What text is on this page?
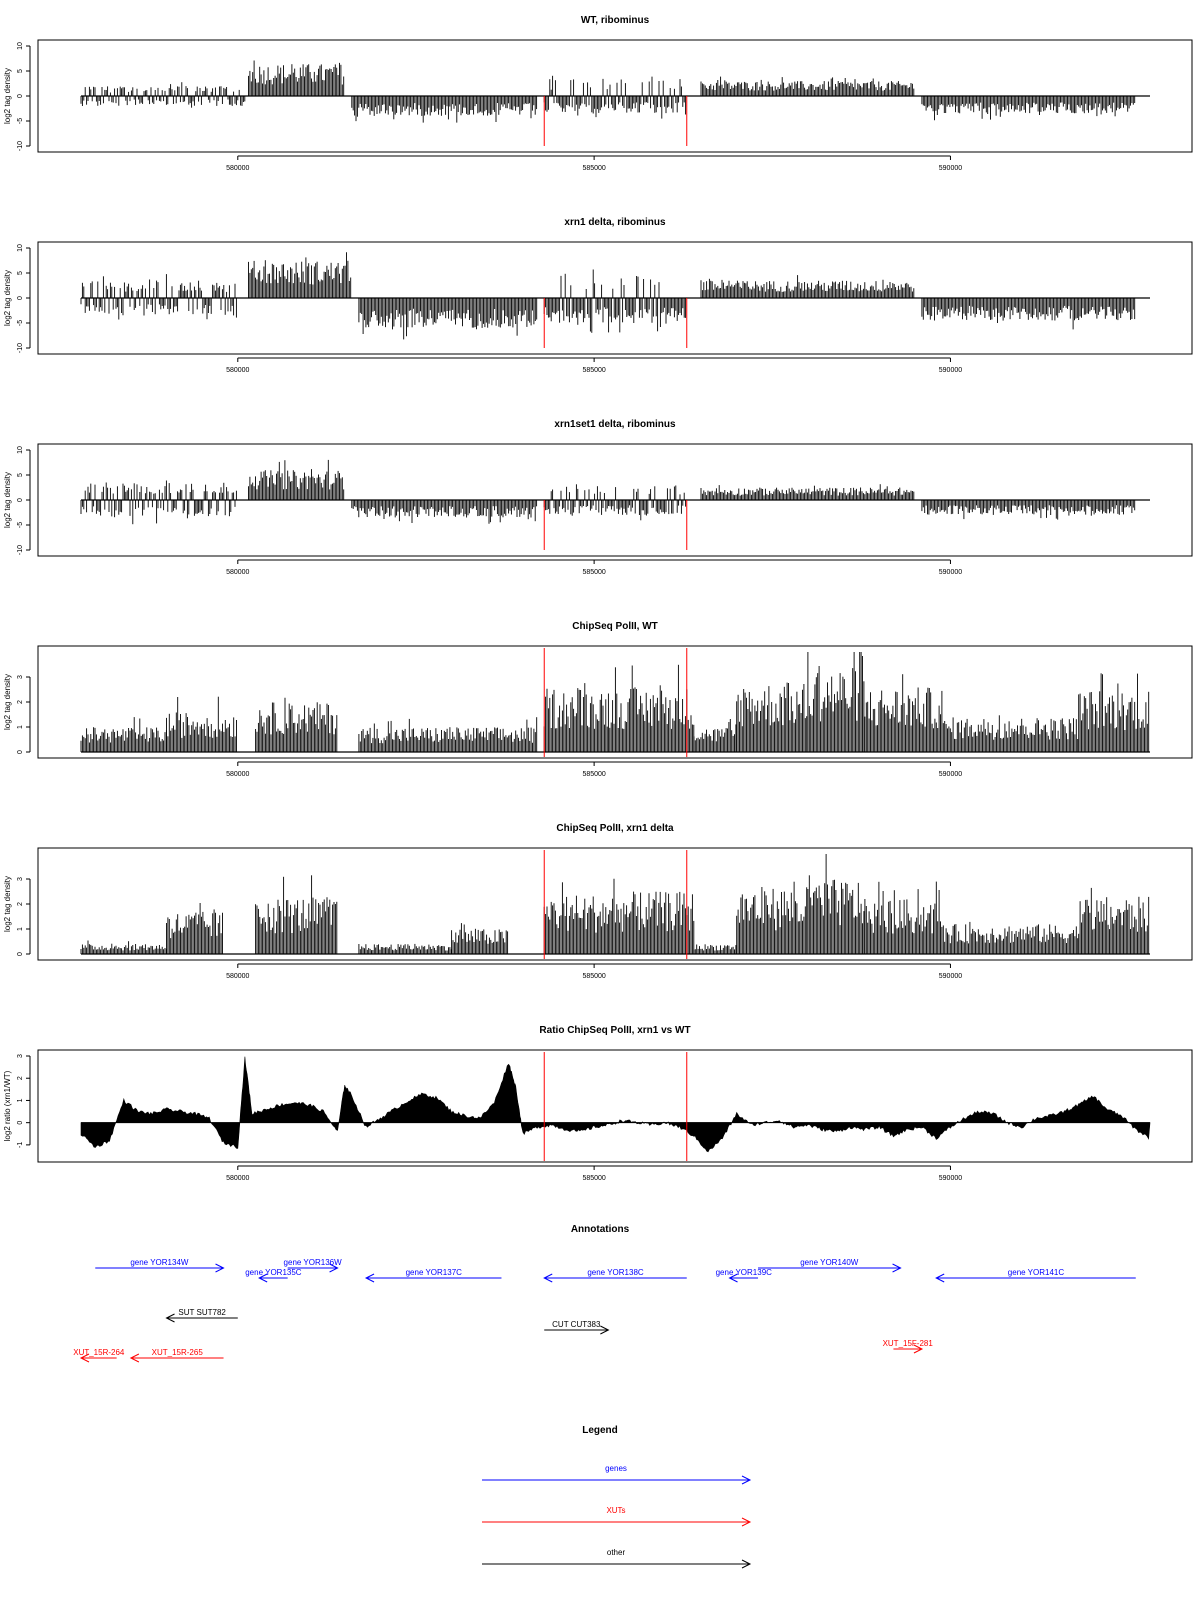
WT, ribominus
-10
-5
0
5
10
log2 tag density
580000	585000	590000
xrn1 delta, ribominus
-10
-5
0
5
10
log2 tag density
580000	585000	590000
xrn1set1 delta, ribominus
-10
-5
0
5
10
log2 tag density
580000	585000	590000
ChipSeq PolII, WT
0
1
2
3
log2 tag density
580000	585000	590000
ChipSeq PolII, xrn1 delta
0
1
2
3
log2 tag density
580000	585000	590000
Ratio ChipSeq PolII, xrn1 vs WT
-1
0
1
2
3
log2 ratio (xrn1/WT)
580000	585000	590000
Annotations
gene YOR134W
gene YOR135C
gene YOR136W
gene YOR137C	gene YOR138C	gene YOR139C
gene YOR140W
gene YOR141C
SUT SUT782
CUT CUT383
XUT_15R-264	XUT_15R-265
XUT_15F-281
Legend
genes
XUTs
other
